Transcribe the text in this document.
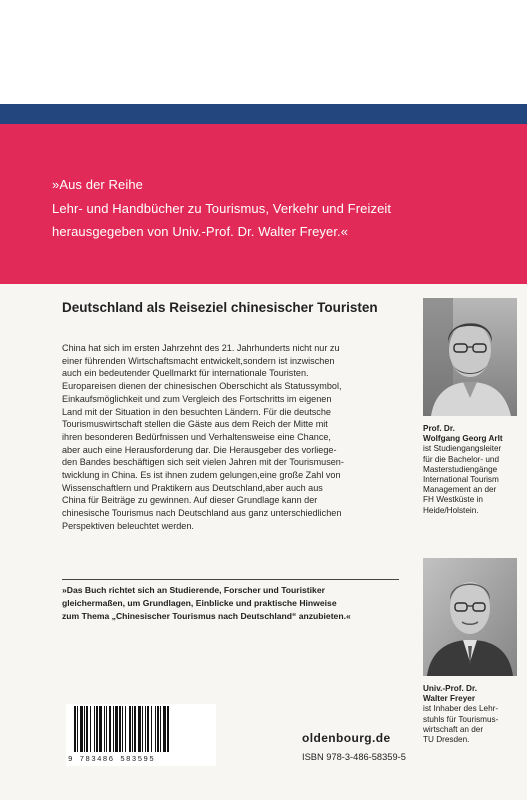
»Aus der Reihe
Lehr- und Handbücher zu Tourismus, Verkehr und Freizeit
herausgegeben von Univ.-Prof. Dr. Walter Freyer.«
Deutschland als Reiseziel chinesischer Touristen
China hat sich im ersten Jahrzehnt des 21. Jahrhunderts nicht nur zu
einer führenden Wirtschaftsmacht entwickelt,sondern ist inzwischen
auch ein bedeutender Quellmarkt für internationale Touristen.
Europareisen dienen der chinesischen Oberschicht als Statussymbol,
Einkaufsmöglichkeit und zum Vergleich des Fortschritts im eigenen
Land mit der Situation in den besuchten Ländern. Für die deutsche
Tourismuswirtschaft stellen die Gäste aus dem Reich der Mitte mit
ihren besonderen Bedürfnissen und Verhaltensweise eine Chance,
aber auch eine Herausforderung dar. Die Herausgeber des vorliege-
den Bandes beschäftigen sich seit vielen Jahren mit der Tourismusen-
twicklung in China. Es ist ihnen zudem gelungen,eine große Zahl von
Wissenschaftlern und Praktikern aus Deutschland,aber auch aus
China für Beiträge zu gewinnen. Auf dieser Grundlage kann der
chinesische Tourismus nach Deutschland aus ganz unterschiedlichen
Perspektiven beleuchtet werden.
»Das Buch richtet sich an Studierende, Forscher und Touristiker
gleichermaßen, um Grundlagen, Einblicke und praktische Hinweise
zum Thema „Chinesischer Tourismus nach Deutschland“ anzubieten.«
Prof. Dr.
Wolfgang Georg Arlt
ist Studiengangsleiter
für die Bachelor- und
Masterstudiengänge
International Tourism
Management an der
FH Westküste in
Heide/Holstein.
Univ.-Prof. Dr.
Walter Freyer
ist Inhaber des Lehr-
stuhls für Tourismus-
wirtschaft an der
TU Dresden.
9 783486 583595
oldenbourg.de
ISBN 978-3-486-58359-5
